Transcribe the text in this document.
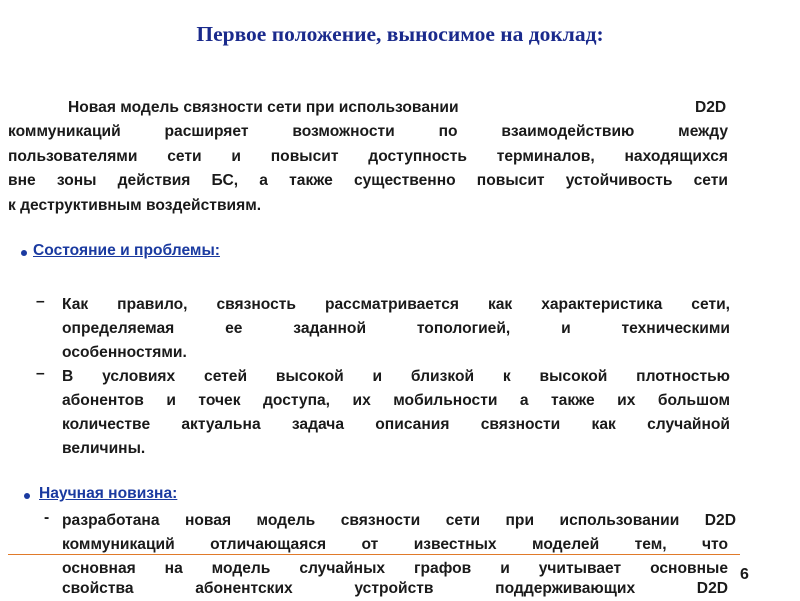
Первое положение, выносимое на доклад:
Новая модель связности сети при использовании	D2D
коммуникаций расширяет возможности по взаимодействию между
пользователями сети и повысит доступность терминалов, находящихся
вне зоны действия БС, а также существенно повысит устойчивость сети
к деструктивным воздействиям.
Состояние и проблемы:
– Как правило, связность рассматривается как характеристика сети,
определяемая ее заданной топологией, и техническими
особенностями.
– В условиях сетей высокой и близкой к высокой плотностью
абонентов и точек доступа, их мобильности а также их большом
количестве актуальна задача описания связности как случайной
величины.
Научная новизна:
- разработана новая модель связности сети при использовании D2D
коммуникаций отличающаяся от известных моделей тем, что
основная на модель случайных графов и учитывает основные
свойства абонентских устройств поддерживающих D2D
6
